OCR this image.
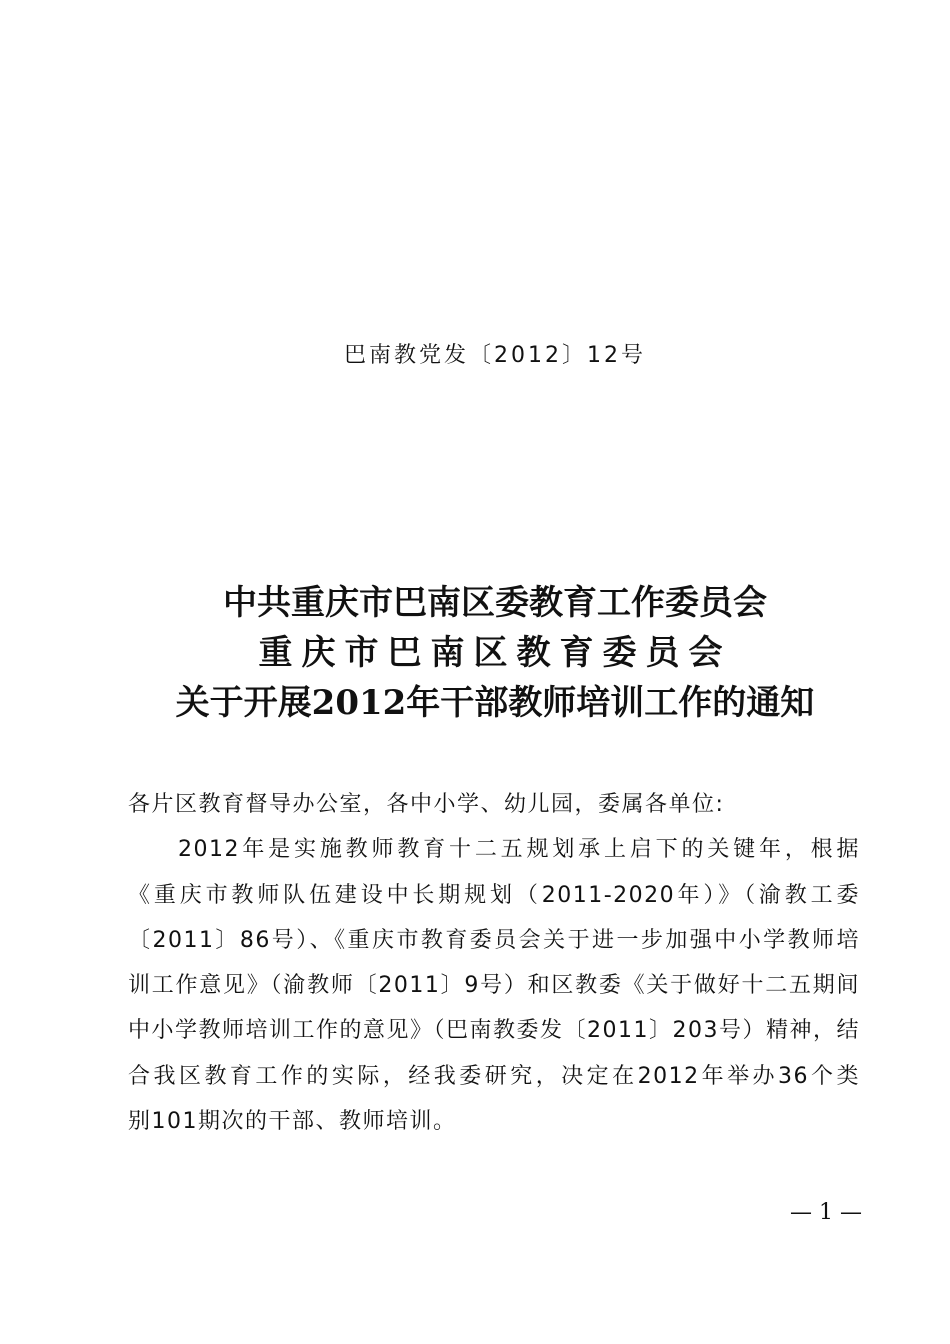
巴南教党发〔2012〕12号
中共重庆市巴南区委教育工作委员会
重庆市巴南区教育委员会
关于开展2012年干部教师培训工作的通知
各片区教育督导办公室，各中小学、幼儿园，委属各单位:
2012年是实施教师教育十二五规划承上启下的关键年，根据
《重庆市教师队伍建设中长期规划（2011-2020年）》（渝教工委
〔2011〕86号）、《重庆市教育委员会关于进一步加强中小学教师培
训工作意见》（渝教师〔2011〕9号）和区教委《关于做好十二五期间
中小学教师培训工作的意见》（巴南教委发〔2011〕203号）精神，结
合我区教育工作的实际，经我委研究，决定在2012年举办36个类
别101期次的干部、教师培训。
— 1 —
